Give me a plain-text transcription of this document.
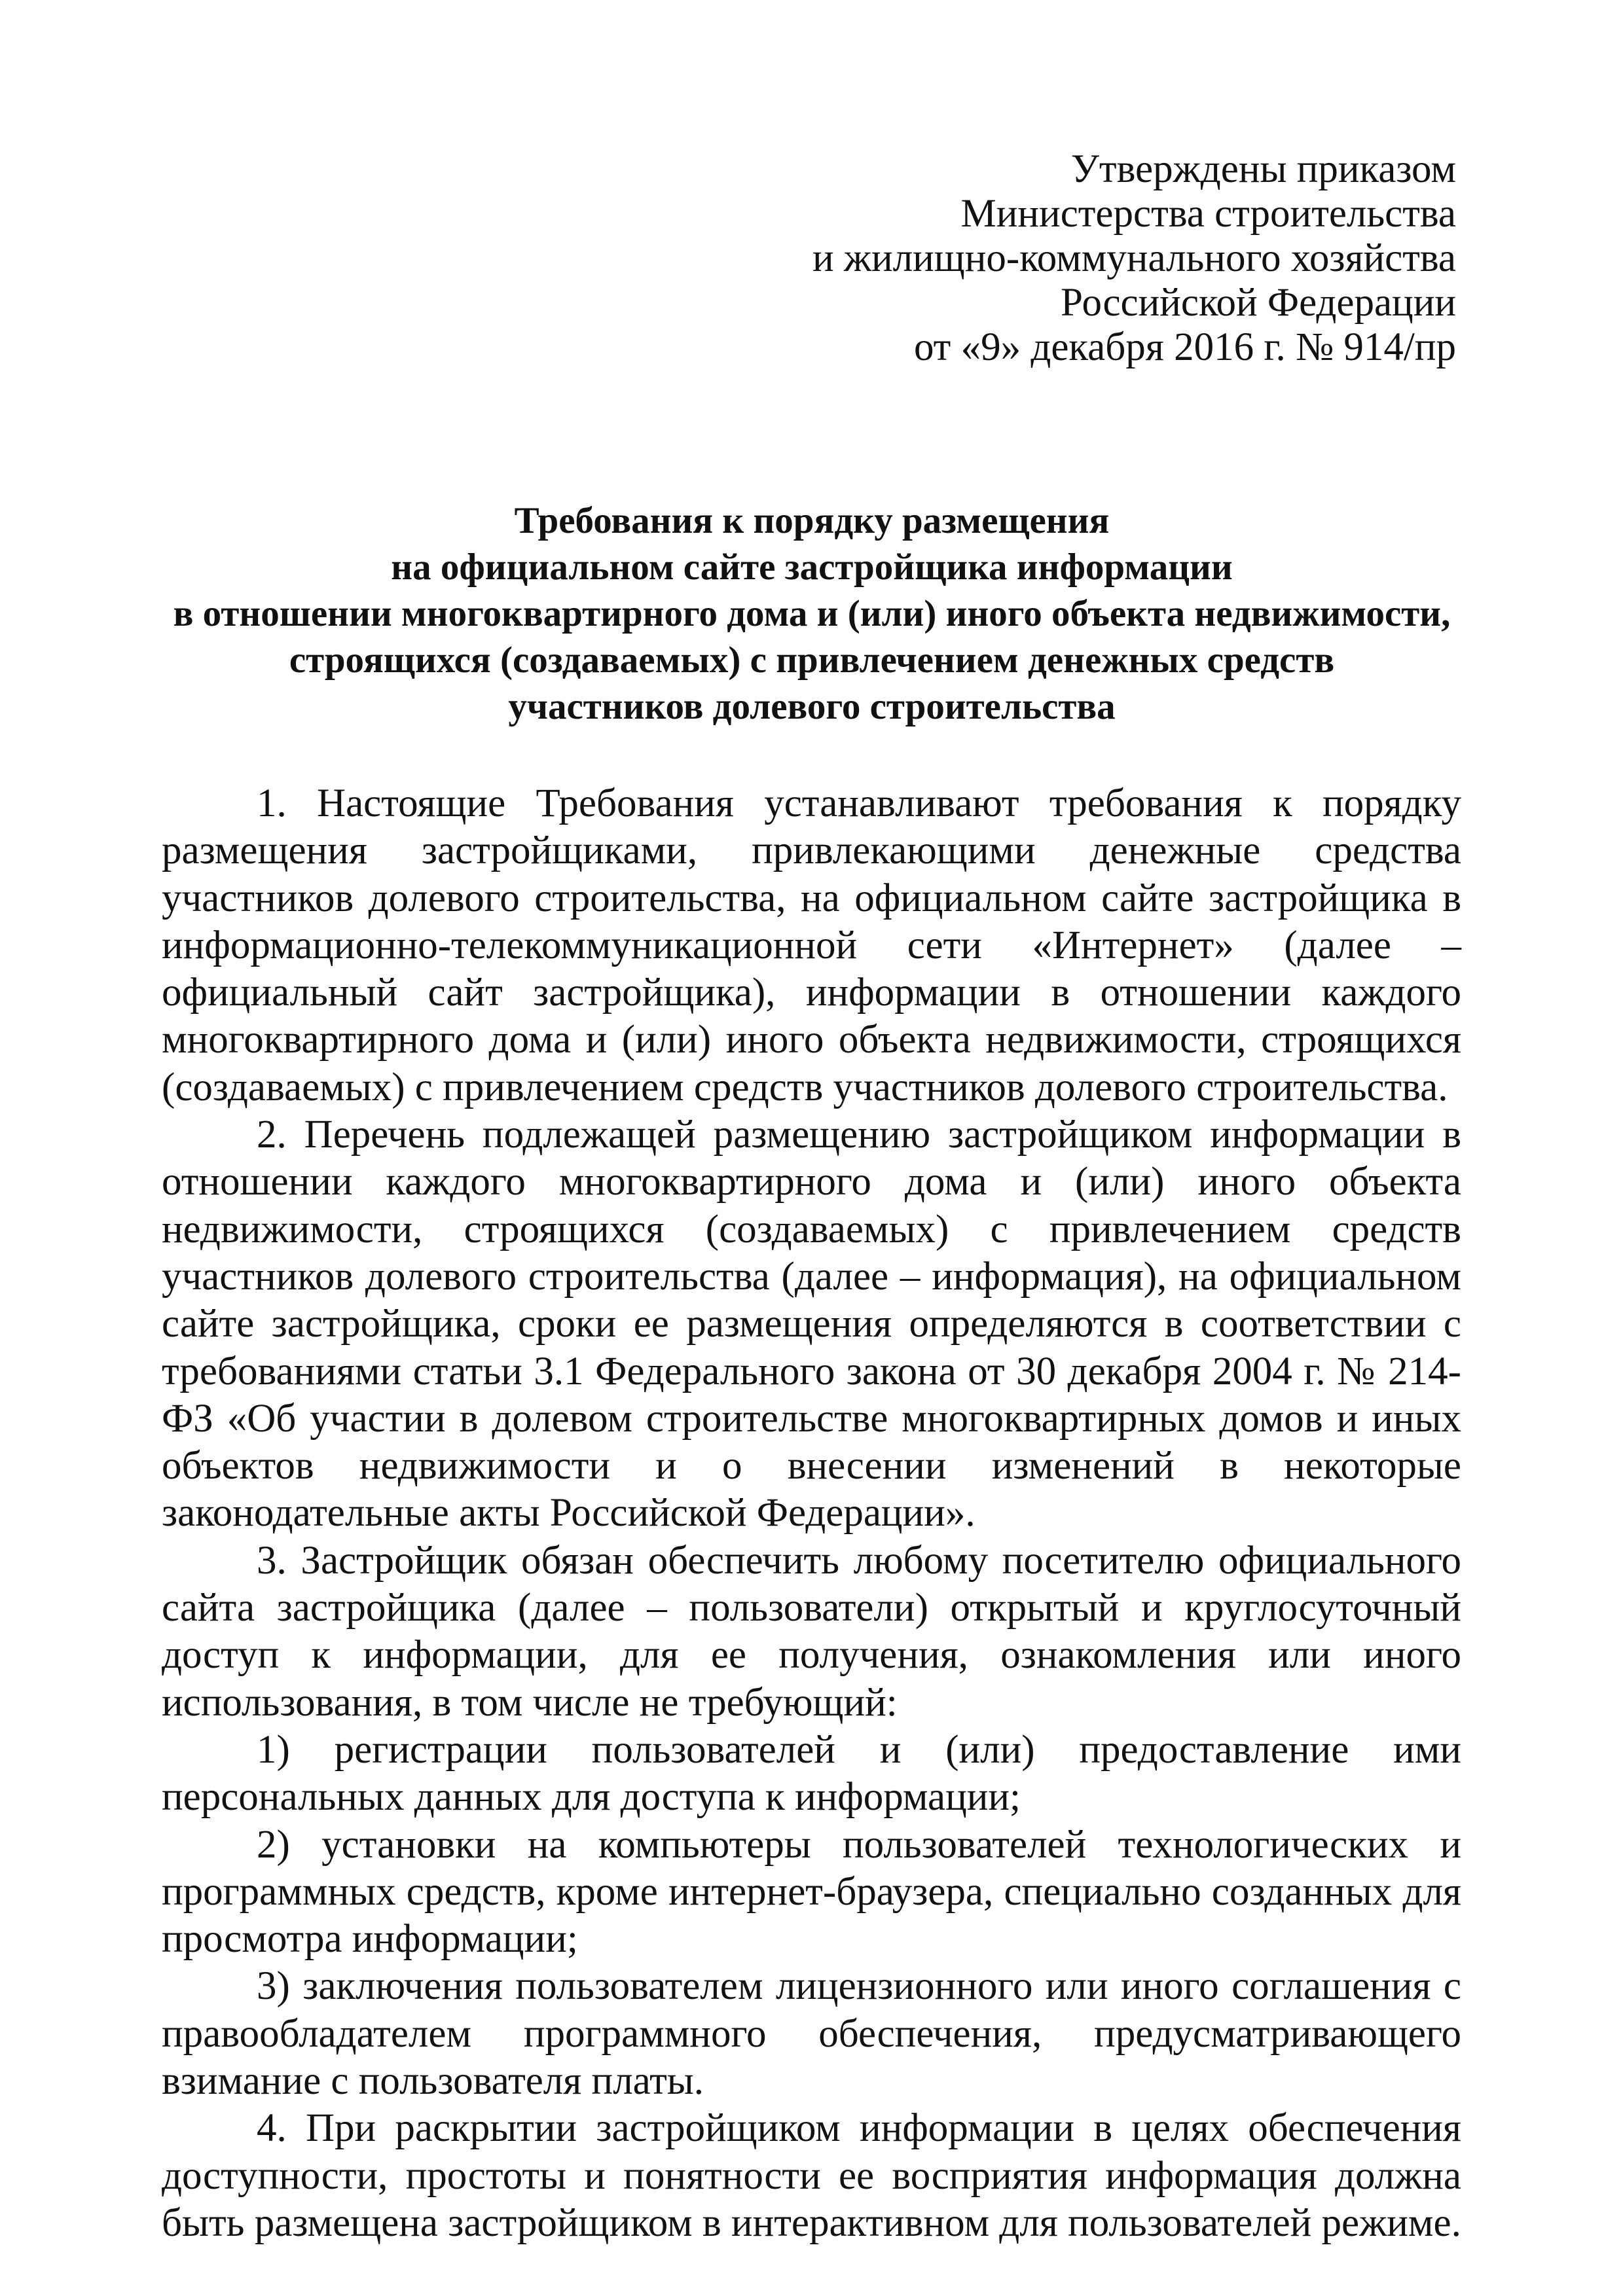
Утверждены приказом
Министерства строительства
и жилищно-коммунального хозяйства
Российской Федерации
от «9» декабря 2016 г. № 914/пр
Требования к порядку размещения
на официальном сайте застройщика информации
в отношении многоквартирного дома и (или) иного объекта недвижимости,
строящихся (создаваемых) с привлечением денежных средств
участников долевого строительства

1. Настоящие Требования устанавливают требования к порядку размещения застройщиками, привлекающими денежные средства участников долевого строительства, на официальном сайте застройщика в информационно-телекоммуникационной сети «Интернет» (далее – официальный сайт застройщика), информации в отношении каждого многоквартирного дома и (или) иного объекта недвижимости, строящихся (создаваемых) с привлечением средств участников долевого строительства.

2. Перечень подлежащей размещению застройщиком информации в отношении каждого многоквартирного дома и (или) иного объекта недвижимости, строящихся (создаваемых) с привлечением средств участников долевого строительства (далее – информация), на официальном сайте застройщика, сроки ее размещения определяются в соответствии с требованиями статьи 3.1 Федерального закона от 30 декабря 2004 г. № 214-ФЗ «Об участии в долевом строительстве многоквартирных домов и иных объектов недвижимости и о внесении изменений в некоторые законодательные акты Российской Федерации».

3. Застройщик обязан обеспечить любому посетителю официального сайта застройщика (далее – пользователи) открытый и круглосуточный доступ к информации, для ее получения, ознакомления или иного использования, в том числе не требующий:

1) регистрации пользователей и (или) предоставление ими персональных данных для доступа к информации;

2) установки на компьютеры пользователей технологических и программных средств, кроме интернет-браузера, специально созданных для просмотра информации;

3) заключения пользователем лицензионного или иного соглашения с правообладателем программного обеспечения, предусматривающего взимание с пользователя платы.

4. При раскрытии застройщиком информации в целях обеспечения доступности, простоты и понятности ее восприятия информация должна быть размещена застройщиком в интерактивном для пользователей режиме.
